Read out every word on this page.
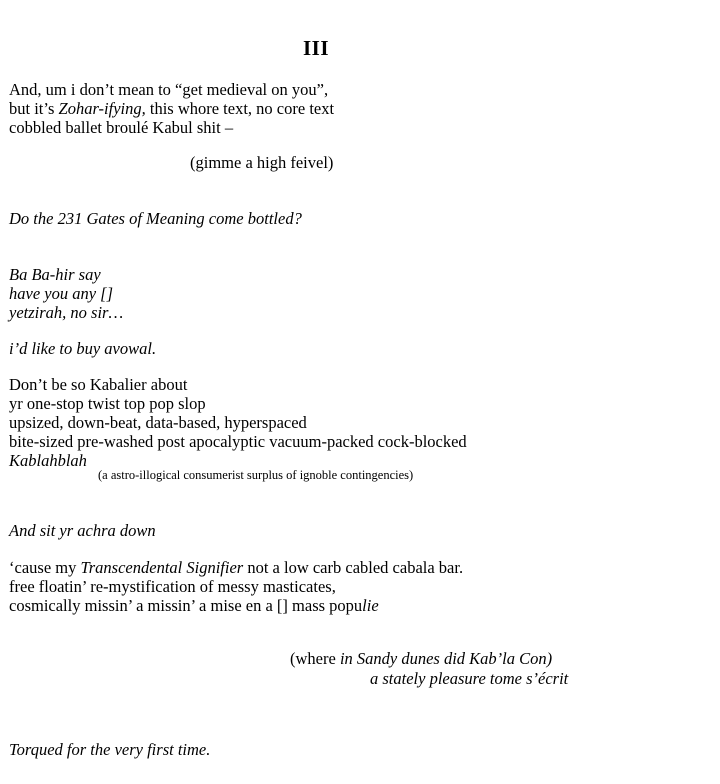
III
And, um i don’t mean to “get medieval on you”,
but it’s Zohar-ifying, this whore text, no core text
cobbled ballet broulé Kabul shit –
(gimme a high feivel)
Do the 231 Gates of Meaning come bottled?
Ba Ba-hir say
have you any []
yetzirah, no sir…
i’d like to buy avowal.
Don’t be so Kabalier about
yr one-stop twist top pop slop
upsized, down-beat, data-based, hyperspaced
bite-sized pre-washed post apocalyptic vacuum-packed cock-blocked
Kablahblah
(a astro-illogical consumerist surplus of ignoble contingencies)
And sit yr achra down
‘cause my Transcendental Signifier not a low carb cabled cabala bar.
free floatin’ re-mystification of messy masticates,
cosmically missin’ a missin’ a mise en a [] mass populie
(where in Sandy dunes did Kab’la Con)
a stately pleasure tome s’écrit
Torqued for the very first time.
